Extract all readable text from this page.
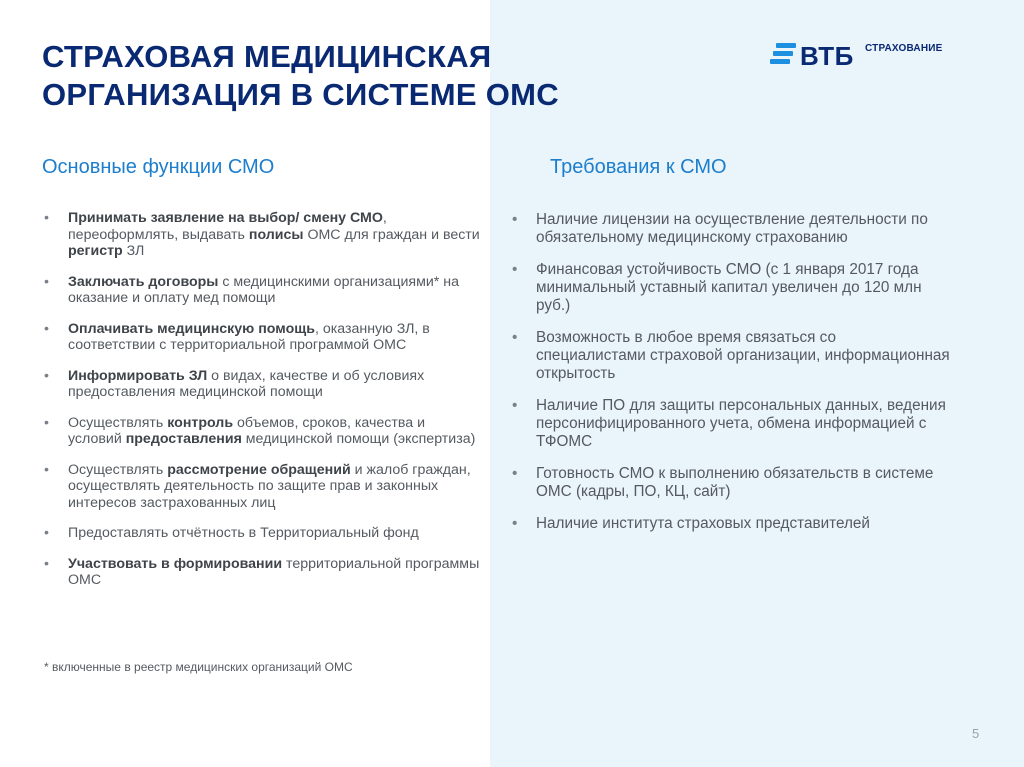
СТРАХОВАЯ МЕДИЦИНСКАЯ
ОРГАНИЗАЦИЯ В СИСТЕМЕ ОМС
ВТБ СТРАХОВАНИЕ
Основные функции СМО	Требования к СМО
• Принимать заявление на выбор/ смену СМО, переоформлять, выдавать полисы ОМС для граждан и вести регистр ЗЛ
• Заключать договоры с медицинскими организациями* на оказание и оплату мед помощи
• Оплачивать медицинскую помощь, оказанную ЗЛ, в соответствии с территориальной программой ОМС
• Информировать ЗЛ о видах, качестве и об условиях предоставления медицинской помощи
• Осуществлять контроль объемов, сроков, качества и условий предоставления медицинской помощи (экспертиза)
• Осуществлять рассмотрение обращений и жалоб граждан, осуществлять деятельность по защите прав и законных интересов застрахованных лиц
• Предоставлять отчётность в Территориальный фонд
• Участвовать в формировании территориальной программы ОМС
• Наличие лицензии на осуществление деятельности по обязательному медицинскому страхованию
• Финансовая устойчивость СМО (с 1 января 2017 года минимальный уставный капитал увеличен до 120 млн руб.)
• Возможность в любое время связаться со специалистами страховой организации, информационная открытость
• Наличие ПО для защиты персональных данных, ведения персонифицированного учета, обмена информацией с ТФОМС
• Готовность СМО к выполнению обязательств в системе ОМС (кадры, ПО, КЦ, сайт)
• Наличие института страховых представителей
* включенные в реестр медицинских организаций ОМС
5
